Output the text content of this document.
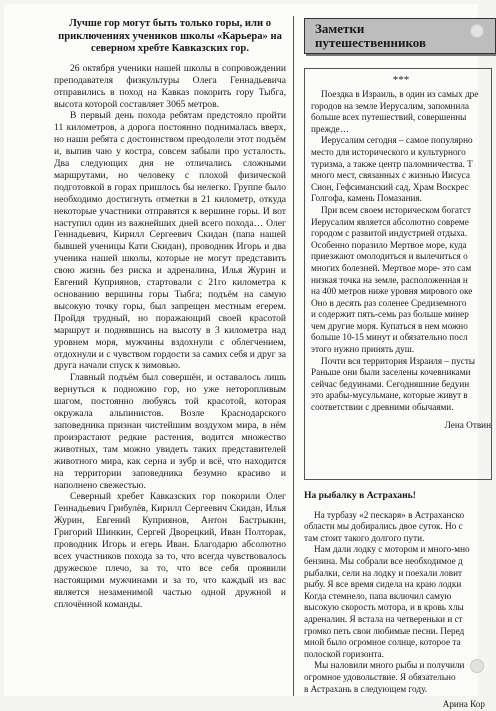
Лучше гор могут быть только горы, или о
приключениях учеников школы «Карьера» на
северном хребте Кавказских гор.

26 октября ученики нашей школы в сопровождении преподавателя физкультуры Олега Геннадьевича отправились в поход на Кавказ покорить гору Тыбга, высота которой составляет 3065 метров.

В первый день похода ребятам предстояло пройти 11 километров, а дорога постоянно поднималась вверх, но наши ребята с достоинством преодолели этот подъём и, выпив чаю у костра, совсем забыли про усталость. Два следующих дня не отличались сложными маршрутами, но человеку с плохой физической подготовкой в горах пришлось бы нелегко. Группе было необходимо достигнуть отметки в 21 километр, откуда некоторые участники отправятся к вершине горы. И вот наступил один из важнейших дней всего похода… Олег Геннадьевич, Кирилл Сергеевич Скидан (папа нашей бывшей ученицы Кати Скидан), проводник Игорь и два ученика нашей школы, которые не могут представить свою жизнь без риска и адреналина, Илья Журин и Евгений Куприянов, стартовали с 21го километра к основанию вершины горы Тыбга; подъём на самую высокую точку горы, был запрещен местным егерем. Пройдя трудный, но поражающий своей красотой маршрут и поднявшись на высоту в 3 километра над уровнем моря, мужчины вздохнули с облегчением, отдохнули и с чувством гордости за самих себя и друг за друга начали спуск к зимовью.

Главный подъём был совершён, и оставалось лишь вернуться к подножию гор, но уже неторопливым шагом, постоянно любуясь той красотой, которая окружала альпинистов. Возле Краснодарского заповедника признан чистейшим воздухом мира, в нём произрастают редкие растения, водится множество животных, там можно увидеть таких представителей животного мира, как серна и зубр и всё, что находится на территории заповедника безумно красиво и наполнено свежестью.

Северный хребет Кавказских гор покорили Олег Геннадьевич Грибулёв, Кирилл Сергеевич Скидан, Илья Журин, Евгений Куприянов, Антон Бастрыкин, Григорий Шинкин, Сергей Дворецкий, Иван Полторак, проводник Игорь и егерь Иван. Благодарю абсолютно всех участников похода за то, что всегда чувствовалось дружеское плечо, за то, что все себя проявили настоящими мужчинами и за то, что каждый из вас является незаменимой частью одной дружной и сплочённой команды.

Заметки
путешественников
***

Поездка в Израиль, в один из самых дре

городов на земле Иерусалим, запомнила

больше всех путешествий, совершенны

прежде…

Иерусалим сегодня – самое популярно

место для исторического и культурного

туризма, а также центр паломничества. Т

много мест, связанных с жизнью Иисуса

Сион, Гефсиманский сад, Храм Воскрес

Голгофа, камень Помазания.

При всем своем историческом богатст

Иерусалим является абсолютно совреме

городом с развитой индустрией отдыха.

Особенно поразило Мертвое море, куда

приезжают омолодиться и вылечиться о

многих болезней. Мертвое море- это сам

низкая точка на земле, расположенная н

на 400 метров ниже уровня мирового оке

Оно в десять раз соленее Средиземного

и содержит пять-семь раз больше минер

чем другие моря. Купаться в нем можно

больше 10-15 минут и обязательно посл

этого нужно принять душ.

Почти вся территория Израиля – пусты

Раньше они были заселены кочевниками

сейчас бедуинами. Сегодняшние бедуин

это арабы-мусульмане, которые живут в

соответствии с древними обычаями.

Лена Отвин
На рыбалку в Астрахань!

На турбазу «2 пескаря» в Астраханско

области мы добирались двое суток. Но с

там стоит такого долгого пути.

Нам дали лодку с мотором и много-мно

бензина. Мы собрали все необходимое д

рыбалки, сели на лодку и поехали ловит

рыбу. Я все время сидела на краю лодки

Когда стемнело, папа включил самую

высокую скорость мотора, и в кровь хлы

адреналин. Я встала на четвереньки и ст

громко петь свои любимые песни. Перед

мной было огромное солнце, которое та

полоской горизонта.

Мы наловили много рыбы и получили

огромное удовольствие. Я обязательно

в Астрахань в следующем году.

Арина Кор
